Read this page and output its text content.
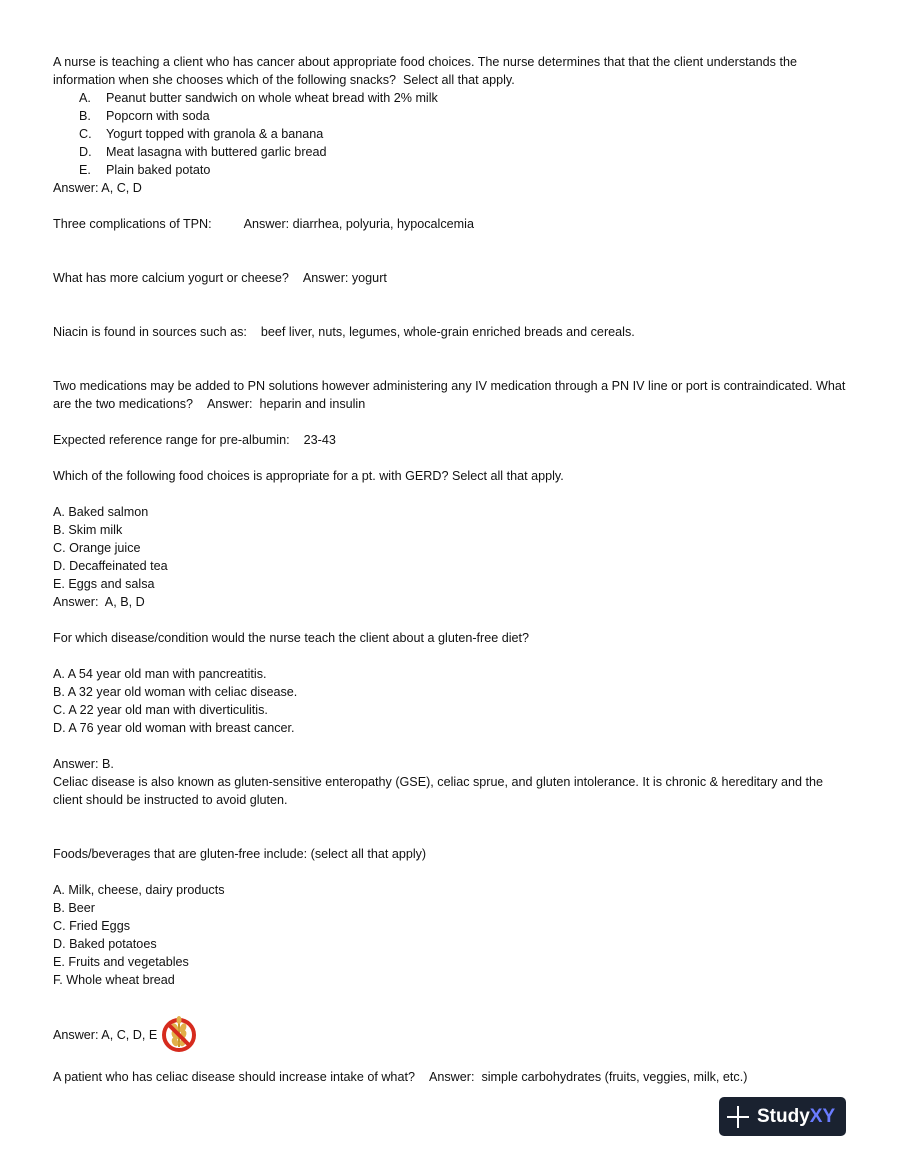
A nurse is teaching a client who has cancer about appropriate food choices. The nurse determines that that the client understands the information when she chooses which of the following snacks?  Select all that apply.

A.	Peanut butter sandwich on whole wheat bread with 2% milk
B.	Popcorn with soda
C.	Yogurt topped with granola & a banana
D.	Meat lasagna with buttered garlic bread
E.	Plain baked potato

Answer: A, C, D

Three complications of TPN:	Answer: diarrhea, polyuria, hypocalcemia

What has more calcium yogurt or cheese? Answer: yogurt

Niacin is found in sources such as: beef liver, nuts, legumes, whole-grain enriched breads and cereals.

Two medications may be added to PN solutions however administering any IV medication through a PN IV line or port is contraindicated. What are the two medications? Answer:  heparin and insulin

Expected reference range for pre-albumin: 23-43

Which of the following food choices is appropriate for a pt. with GERD? Select all that apply.

A. Baked salmon

B. Skim milk

C. Orange juice

D. Decaffeinated tea

E. Eggs and salsa

Answer:  A, B, D

For which disease/condition would the nurse teach the client about a gluten-free diet?

A. A 54 year old man with pancreatitis.

B. A 32 year old woman with celiac disease.

C. A 22 year old man with diverticulitis.

D. A 76 year old woman with breast cancer.

Answer: B.

Celiac disease is also known as gluten-sensitive enteropathy (GSE), celiac sprue, and gluten intolerance. It is chronic & hereditary and the client should be instructed to avoid gluten.

Foods/beverages that are gluten-free include: (select all that apply)

A. Milk, cheese, dairy products

B. Beer

C. Fried Eggs

D. Baked potatoes

E. Fruits and vegetables

F. Whole wheat bread

Answer: A, C, D, E

A patient who has celiac disease should increase intake of what? Answer:  simple carbohydrates (fruits, veggies, milk, etc.)

StudyXY
